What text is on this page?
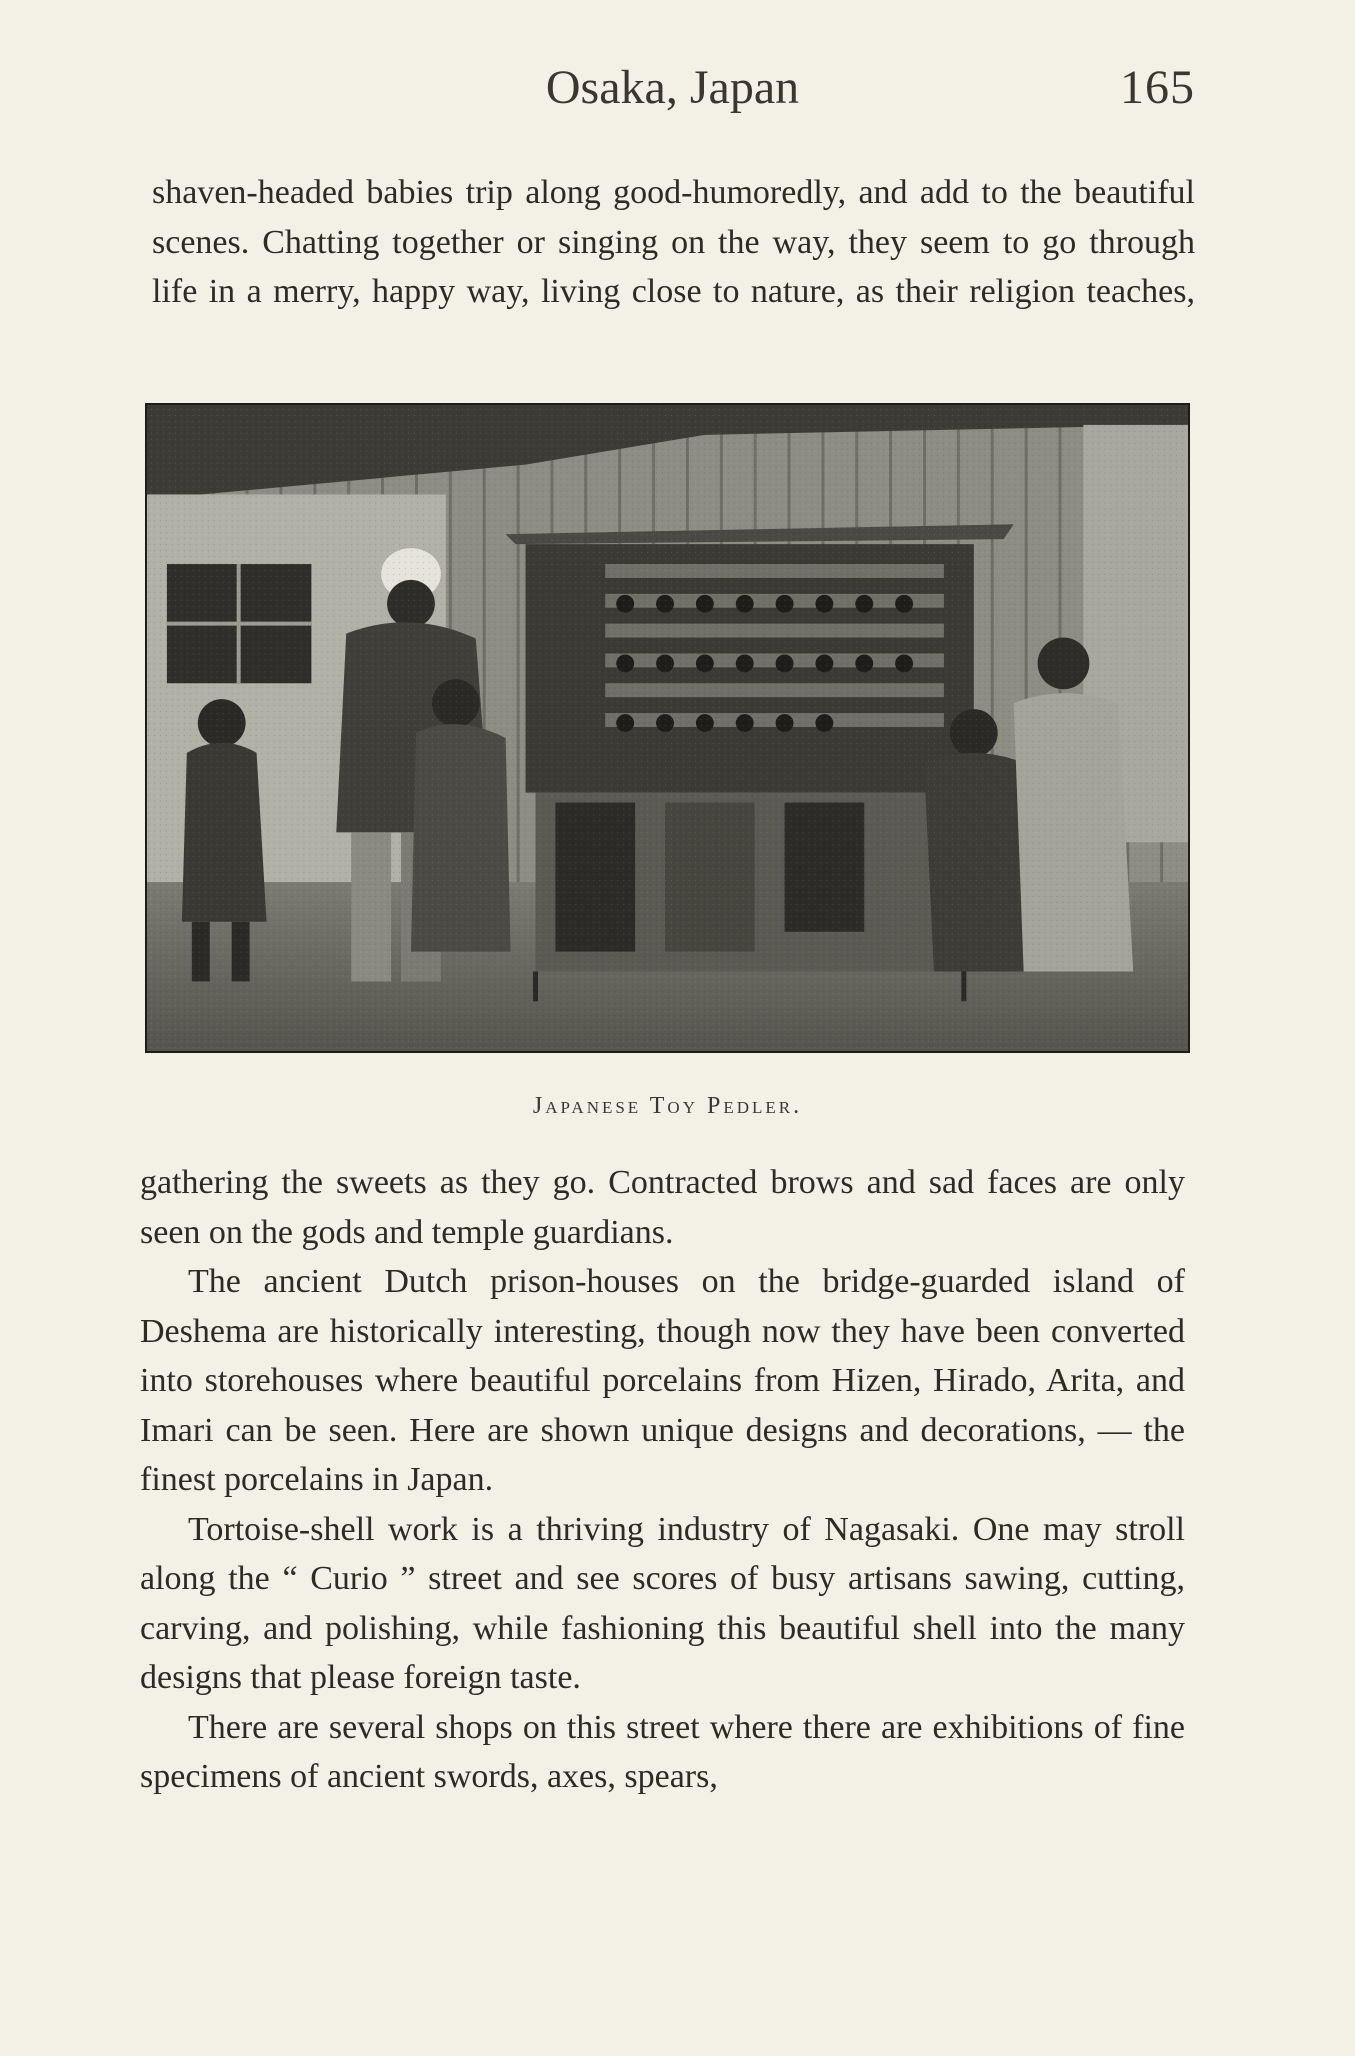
Osaka, Japan	165

shaven-headed babies trip along good-humoredly, and add to the beautiful scenes. Chatting together or singing on the way, they seem to go through life in a merry, happy way, living close to nature, as their religion teaches,

Japanese Toy Pedler.

gathering the sweets as they go. Contracted brows and sad faces are only seen on the gods and temple guardians.

The ancient Dutch prison-houses on the bridge-guarded island of Deshema are historically interesting, though now they have been converted into storehouses where beautiful porcelains from Hizen, Hirado, Arita, and Imari can be seen. Here are shown unique designs and decorations, — the finest porcelains in Japan.

Tortoise-shell work is a thriving industry of Nagasaki. One may stroll along the “ Curio ” street and see scores of busy artisans sawing, cutting, carving, and polishing, while fashioning this beautiful shell into the many designs that please foreign taste.

There are several shops on this street where there are exhibitions of fine specimens of ancient swords, axes, spears,
